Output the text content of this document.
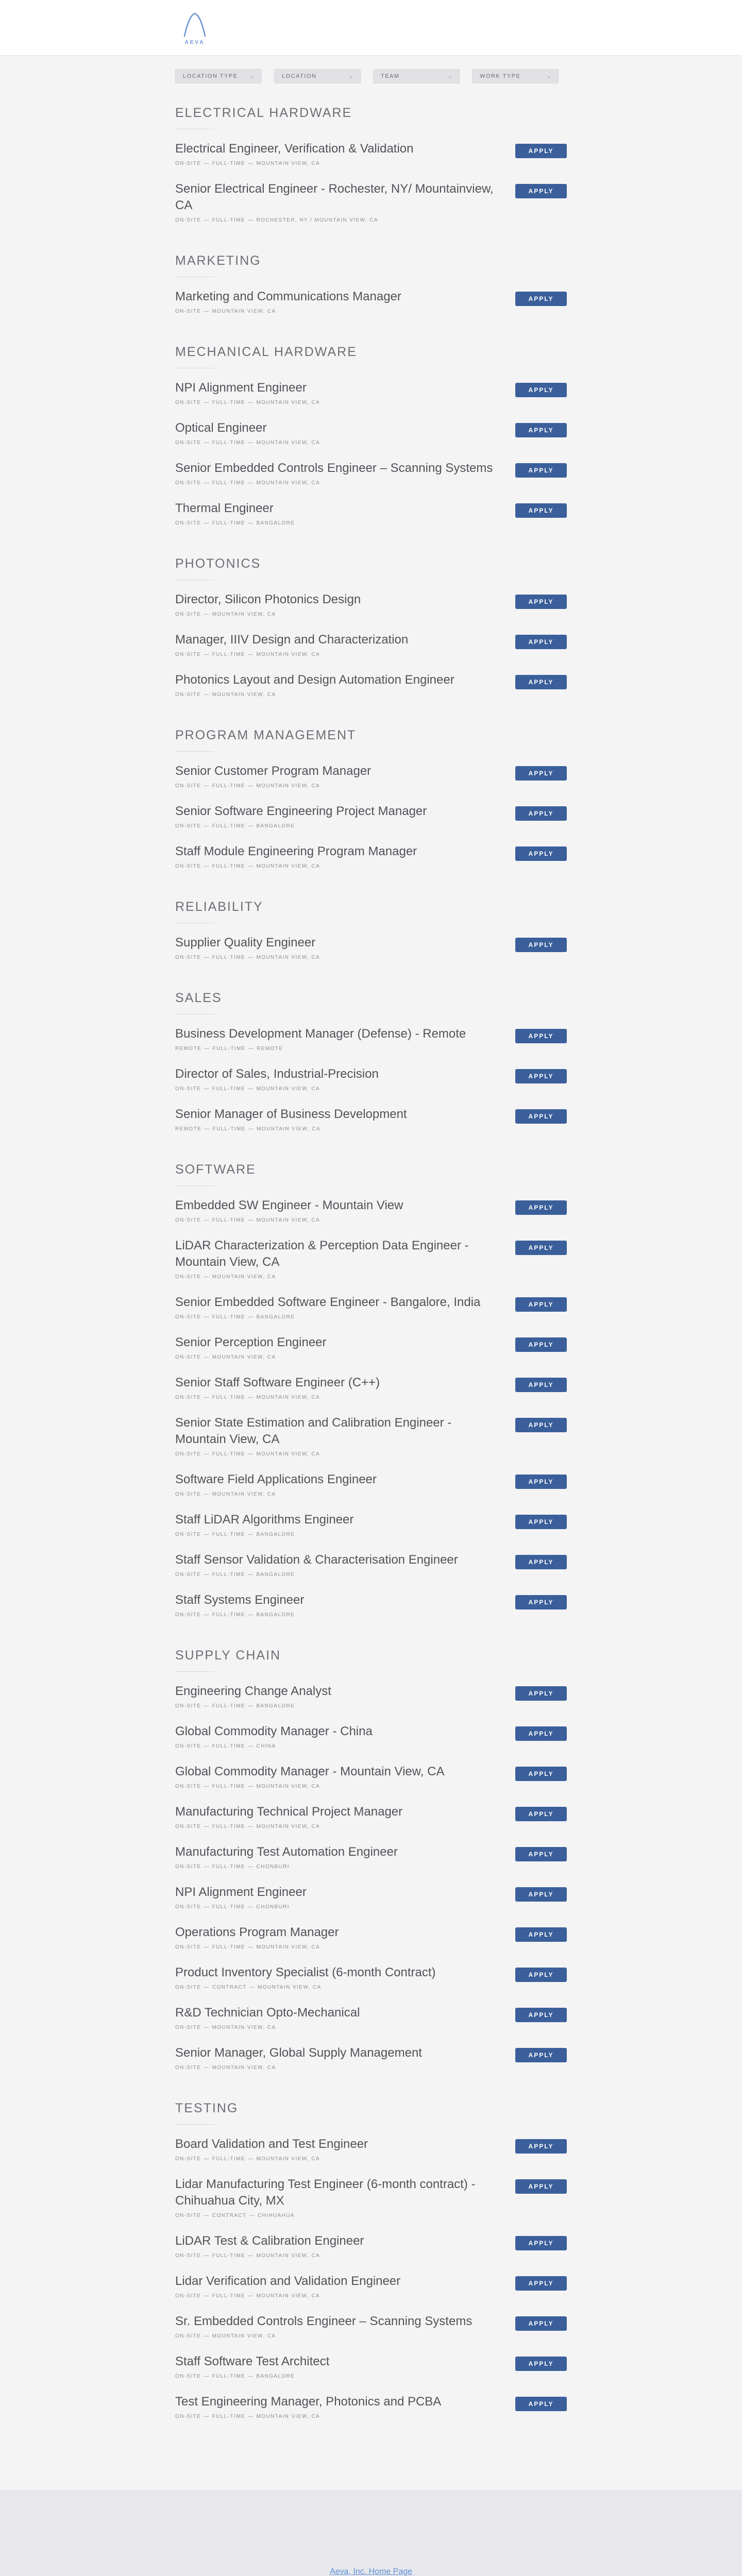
AEVA
LOCATION TYPE ⌄	LOCATION	⌄	TEAM	⌄	WORK TYPE	⌄
ELECTRICAL HARDWARE
Electrical Engineer, Verification & Validation
ON-SITE	— FULL-TIME	— MOUNTAIN VIEW, CA
APPLY
Senior Electrical Engineer - Rochester, NY/ Mountainview, CA
ON-SITE	— FULL-TIME	— ROCHESTER, NY / MOUNTAIN VIEW, CA
APPLY
MARKETING
Marketing and Communications Manager
ON-SITE	— MOUNTAIN VIEW, CA
APPLY
MECHANICAL HARDWARE
NPI Alignment Engineer
ON-SITE	— FULL-TIME	— MOUNTAIN VIEW, CA
APPLY
Optical Engineer
ON-SITE	— FULL-TIME	— MOUNTAIN VIEW, CA
APPLY
Senior Embedded Controls Engineer – Scanning Systems
ON-SITE	— FULL-TIME	— MOUNTAIN VIEW, CA
APPLY
Thermal Engineer
ON-SITE	— FULL-TIME	— BANGALORE
APPLY
PHOTONICS
Director, Silicon Photonics Design
ON-SITE	— MOUNTAIN VIEW, CA
APPLY
Manager, IIIV Design and Characterization
ON-SITE	— FULL-TIME	— MOUNTAIN VIEW, CA
APPLY
Photonics Layout and Design Automation Engineer
ON-SITE	— MOUNTAIN VIEW, CA
APPLY
PROGRAM MANAGEMENT
Senior Customer Program Manager
ON-SITE	— FULL-TIME	— MOUNTAIN VIEW, CA
APPLY
Senior Software Engineering Project Manager
ON-SITE	— FULL-TIME	— BANGALORE
APPLY
Staff Module Engineering Program Manager
ON-SITE	— FULL-TIME	— MOUNTAIN VIEW, CA
APPLY
RELIABILITY
Supplier Quality Engineer
ON-SITE	— FULL-TIME	— MOUNTAIN VIEW, CA
APPLY
SALES
Business Development Manager (Defense) - Remote
REMOTE	— FULL-TIME	— REMOTE
APPLY
Director of Sales, Industrial-Precision
ON-SITE	— FULL-TIME	— MOUNTAIN VIEW, CA
APPLY
Senior Manager of Business Development
REMOTE	— FULL-TIME	— MOUNTAIN VIEW, CA
APPLY
SOFTWARE
Embedded SW Engineer - Mountain View
ON-SITE	— FULL-TIME	— MOUNTAIN VIEW, CA
APPLY
LiDAR Characterization & Perception Data Engineer - Mountain View, CA
ON-SITE	— MOUNTAIN VIEW, CA
APPLY
Senior Embedded Software Engineer - Bangalore, India
ON-SITE	— FULL-TIME	— BANGALORE
APPLY
Senior Perception Engineer
ON-SITE	— MOUNTAIN VIEW, CA
APPLY
Senior Staff Software Engineer (C++)
ON-SITE	— FULL-TIME	— MOUNTAIN VIEW, CA
APPLY
Senior State Estimation and Calibration Engineer - Mountain View, CA
ON-SITE	— FULL-TIME	— MOUNTAIN VIEW, CA
APPLY
Software Field Applications Engineer
ON-SITE	— MOUNTAIN VIEW, CA
APPLY
Staff LiDAR Algorithms Engineer
ON-SITE	— FULL-TIME	— BANGALORE
APPLY
Staff Sensor Validation & Characterisation Engineer
ON-SITE	— FULL-TIME	— BANGALORE
APPLY
Staff Systems Engineer
ON-SITE	— FULL-TIME	— BANGALORE
APPLY
SUPPLY CHAIN
Engineering Change Analyst
ON-SITE	— FULL-TIME	— BANGALORE
APPLY
Global Commodity Manager - China
ON-SITE	— FULL-TIME	— CHINA
APPLY
Global Commodity Manager - Mountain View, CA
ON-SITE	— FULL-TIME	— MOUNTAIN VIEW, CA
APPLY
Manufacturing Technical Project Manager
ON-SITE	— FULL-TIME	— MOUNTAIN VIEW, CA
APPLY
Manufacturing Test Automation Engineer
ON-SITE	— FULL-TIME	— CHONBURI
APPLY
NPI Alignment Engineer
ON-SITE	— FULL-TIME	— CHONBURI
APPLY
Operations Program Manager
ON-SITE	— FULL-TIME	— MOUNTAIN VIEW, CA
APPLY
Product Inventory Specialist (6-month Contract)
ON-SITE	— CONTRACT	— MOUNTAIN VIEW, CA
APPLY
R&D Technician Opto-Mechanical
ON-SITE	— MOUNTAIN VIEW, CA
APPLY
Senior Manager, Global Supply Management
ON-SITE	— MOUNTAIN VIEW, CA
APPLY
TESTING
Board Validation and Test Engineer
ON-SITE	— FULL-TIME	— MOUNTAIN VIEW, CA
APPLY
Lidar Manufacturing Test Engineer (6-month contract) - Chihuahua City, MX
ON-SITE	— CONTRACT	— CHIHUAHUA
APPLY
LiDAR Test & Calibration Engineer
ON-SITE	— FULL-TIME	— MOUNTAIN VIEW, CA
APPLY
Lidar Verification and Validation Engineer
ON-SITE	— FULL-TIME	— MOUNTAIN VIEW, CA
APPLY
Sr. Embedded Controls Engineer – Scanning Systems
ON-SITE	— MOUNTAIN VIEW, CA
APPLY
Staff Software Test Architect
ON-SITE	— FULL-TIME	— BANGALORE
APPLY
Test Engineering Manager, Photonics and PCBA
ON-SITE	— FULL-TIME	— MOUNTAIN VIEW, CA
APPLY
Aeva, Inc. Home Page
